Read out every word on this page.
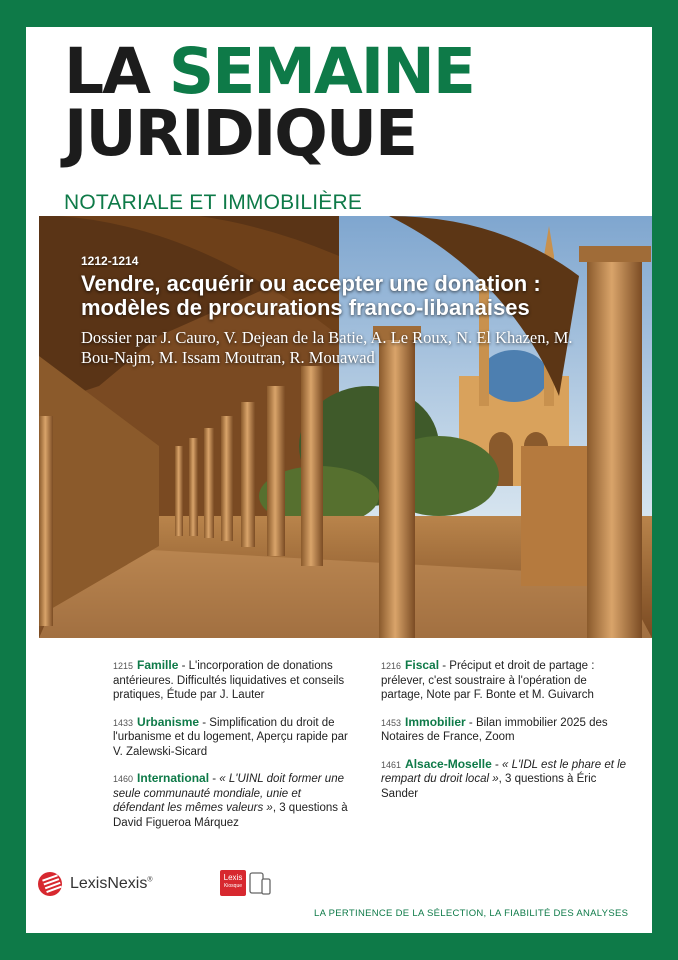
LA SEMAINE
JURIDIQUE
NOTARIALE ET IMMOBILIÈRE
1212-1214
Vendre, acquérir ou accepter une donation : modèles de procurations franco-libanaises
Dossier par J. Cauro, V. Dejean de la Batie, A. Le Roux, N. El Khazen, M. Bou-Najm, M. Issam Moutran, R. Mouawad
1215 Famille - L'incorporation de donations antérieures. Difficultés liquidatives et conseils pratiques, Étude par J. Lauter
1433 Urbanisme - Simplification du droit de l'urbanisme et du logement, Aperçu rapide par V. Zalewski-Sicard
1460 International - « L'UINL doit former une seule communauté mondiale, unie et défendant les mêmes valeurs », 3 questions à David Figueroa Márquez
1216 Fiscal - Préciput et droit de partage : prélever, c'est soustraire à l'opération de partage, Note par F. Bonte et M. Guivarch
1453 Immobilier - Bilan immobilier 2025 des Notaires de France, Zoom
1461 Alsace-Moselle - « L'IDL est le phare et le rempart du droit local », 3 questions à Éric Sander
LexisNexis®	Lexis
Kiosque
LA PERTINENCE DE LA SÉLECTION, LA FIABILITÉ DES ANALYSES
